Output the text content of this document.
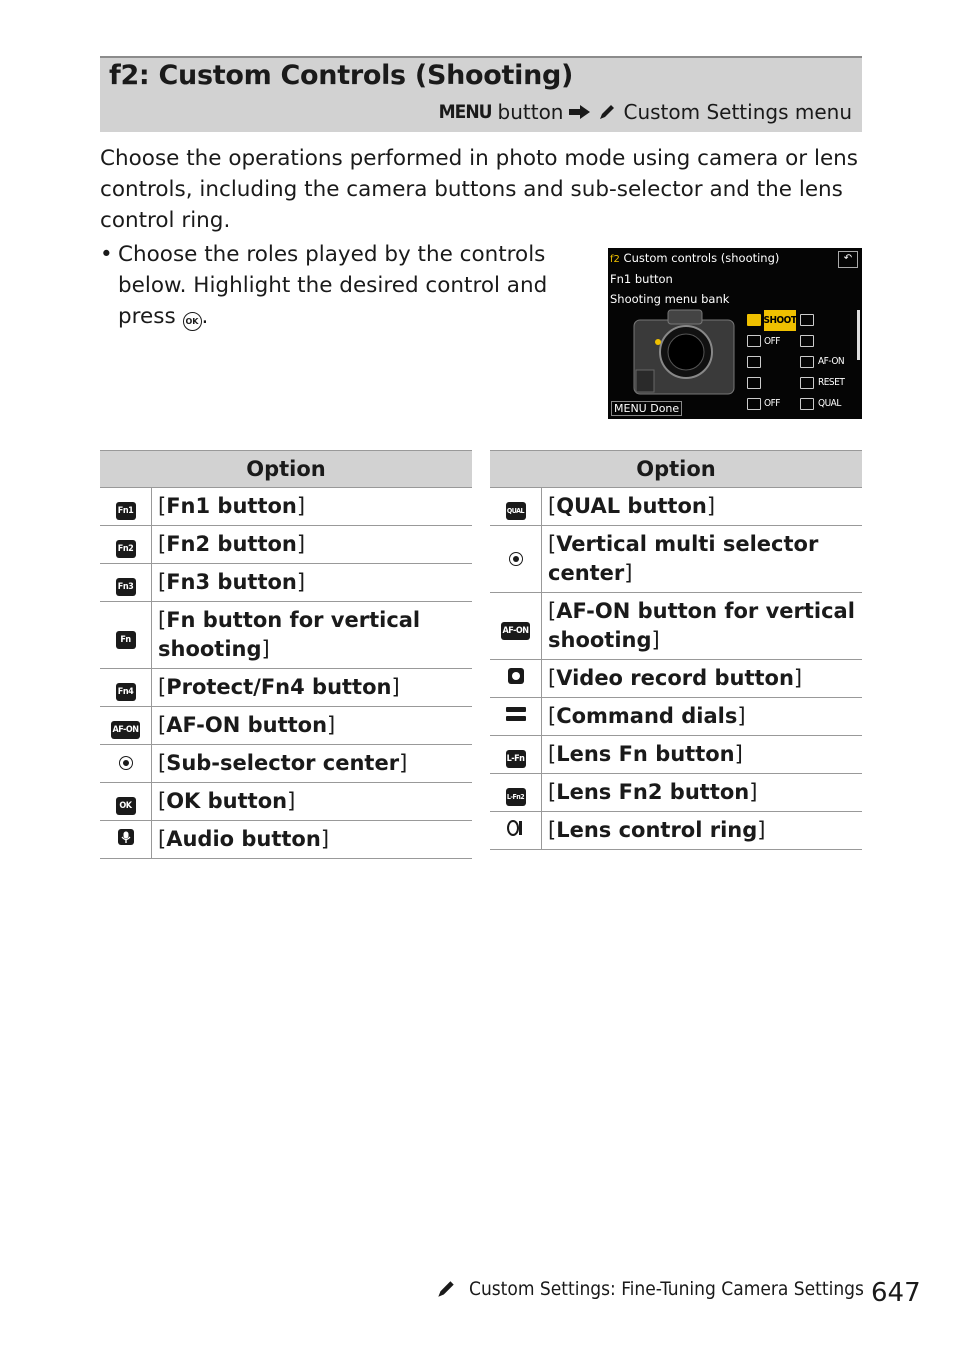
f2: Custom Controls (Shooting)
MENU button	Custom Settings menu
Choose the operations performed in photo mode using camera or lens controls, including the camera buttons and sub-selector and the lens control ring.
• Choose the roles played by the controls below. Highlight the desired control and press OK .
f2 Custom controls (shooting)	↶
Fn1 button
Shooting menu bank
SHOOT
OFF
AF-ON
RESET
OFF	QUAL
MENU Done
Option	
Fn1	[Fn1 button]
Fn2	[Fn2 button]
Fn3	[Fn3 button]
Fn	[Fn button for vertical shooting]
Fn4	[Protect/Fn4 button]
AF-ON	[AF-ON button]
	[Sub-selector center]
OK	[OK button]
	[Audio button]
Option	
QUAL	[QUAL button]
	[Vertical multi selector center]
AF-ON	[AF-ON button for vertical shooting]
	[Video record button]
	[Command dials]
L-Fn	[Lens Fn button]
L-Fn2	[Lens Fn2 button]
	[Lens control ring]
Custom Settings: Fine-Tuning Camera Settings 647
